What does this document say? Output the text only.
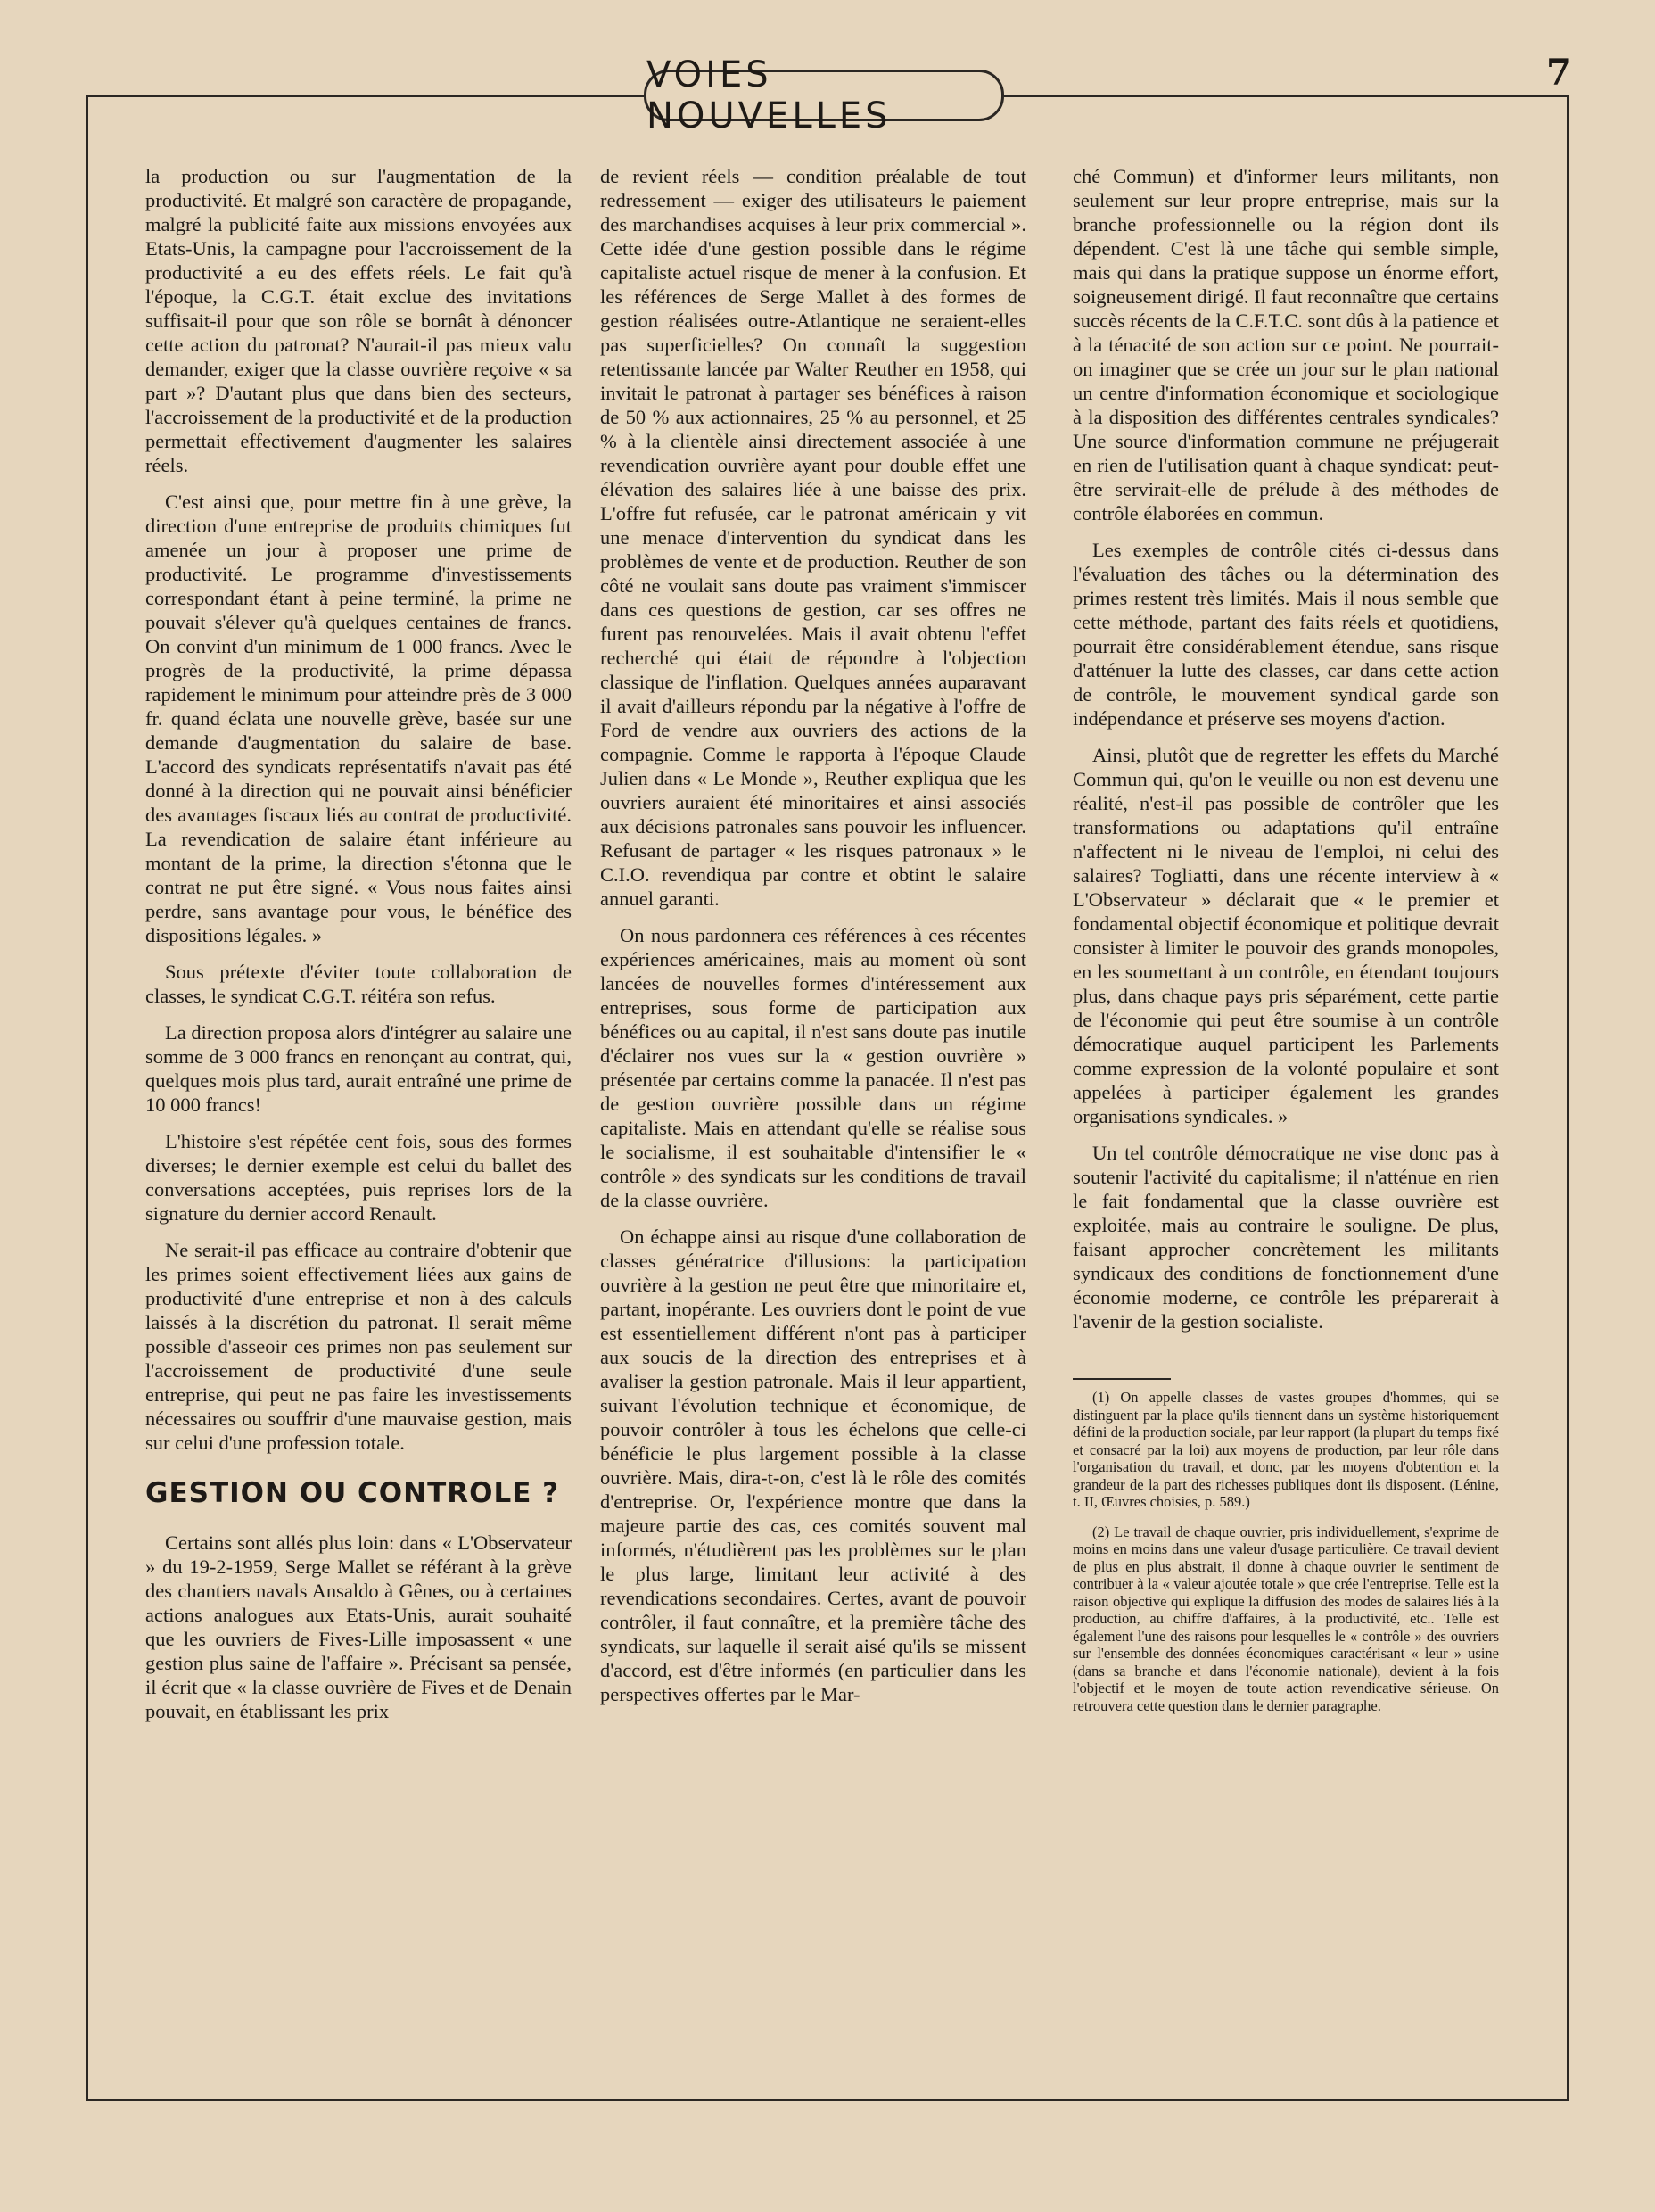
VOIES NOUVELLES
7

la production ou sur l'augmentation de la productivité. Et malgré son caractère de propagande, malgré la publicité faite aux missions envoyées aux Etats-Unis, la campagne pour l'accroissement de la productivité a eu des effets réels. Le fait qu'à l'époque, la C.G.T. était exclue des invitations suffisait-il pour que son rôle se bornât à dénoncer cette action du patronat? N'aurait-il pas mieux valu demander, exiger que la classe ouvrière reçoive « sa part »? D'autant plus que dans bien des secteurs, l'accroissement de la productivité et de la production permettait effectivement d'augmenter les salaires réels.

C'est ainsi que, pour mettre fin à une grève, la direction d'une entreprise de produits chimiques fut amenée un jour à proposer une prime de productivité. Le programme d'investissements correspondant étant à peine terminé, la prime ne pouvait s'élever qu'à quelques centaines de francs. On convint d'un minimum de 1 000 francs. Avec le progrès de la productivité, la prime dépassa rapidement le minimum pour atteindre près de 3 000 fr. quand éclata une nouvelle grève, basée sur une demande d'augmentation du salaire de base. L'accord des syndicats représentatifs n'avait pas été donné à la direction qui ne pouvait ainsi bénéficier des avantages fiscaux liés au contrat de productivité. La revendication de salaire étant inférieure au montant de la prime, la direction s'étonna que le contrat ne put être signé. « Vous nous faites ainsi perdre, sans avantage pour vous, le bénéfice des dispositions légales. »

Sous prétexte d'éviter toute collaboration de classes, le syndicat C.G.T. réitéra son refus.

La direction proposa alors d'intégrer au salaire une somme de 3 000 francs en renonçant au contrat, qui, quelques mois plus tard, aurait entraîné une prime de 10 000 francs!

L'histoire s'est répétée cent fois, sous des formes diverses; le dernier exemple est celui du ballet des conversations acceptées, puis reprises lors de la signature du dernier accord Renault.

Ne serait-il pas efficace au contraire d'obtenir que les primes soient effectivement liées aux gains de productivité d'une entreprise et non à des calculs laissés à la discrétion du patronat. Il serait même possible d'asseoir ces primes non pas seulement sur l'accroissement de productivité d'une seule entreprise, qui peut ne pas faire les investissements nécessaires ou souffrir d'une mauvaise gestion, mais sur celui d'une profession totale.

GESTION OU CONTROLE ?

Certains sont allés plus loin: dans « L'Observateur » du 19-2-1959, Serge Mallet se référant à la grève des chantiers navals Ansaldo à Gênes, ou à certaines actions analogues aux Etats-Unis, aurait souhaité que les ouvriers de Fives-Lille imposassent « une gestion plus saine de l'affaire ». Précisant sa pensée, il écrit que « la classe ouvrière de Fives et de Denain pouvait, en établissant les prix

de revient réels — condition préalable de tout redressement — exiger des utilisateurs le paiement des marchandises acquises à leur prix commercial ». Cette idée d'une gestion possible dans le régime capitaliste actuel risque de mener à la confusion. Et les références de Serge Mallet à des formes de gestion réalisées outre-Atlantique ne seraient-elles pas superficielles? On connaît la suggestion retentissante lancée par Walter Reuther en 1958, qui invitait le patronat à partager ses bénéfices à raison de 50 % aux actionnaires, 25 % au personnel, et 25 % à la clientèle ainsi directement associée à une revendication ouvrière ayant pour double effet une élévation des salaires liée à une baisse des prix. L'offre fut refusée, car le patronat américain y vit une menace d'intervention du syndicat dans les problèmes de vente et de production. Reuther de son côté ne voulait sans doute pas vraiment s'immiscer dans ces questions de gestion, car ses offres ne furent pas renouvelées. Mais il avait obtenu l'effet recherché qui était de répondre à l'objection classique de l'inflation. Quelques années auparavant il avait d'ailleurs répondu par la négative à l'offre de Ford de vendre aux ouvriers des actions de la compagnie. Comme le rapporta à l'époque Claude Julien dans « Le Monde », Reuther expliqua que les ouvriers auraient été minoritaires et ainsi associés aux décisions patronales sans pouvoir les influencer. Refusant de partager « les risques patronaux » le C.I.O. revendiqua par contre et obtint le salaire annuel garanti.

On nous pardonnera ces références à ces récentes expériences américaines, mais au moment où sont lancées de nouvelles formes d'intéressement aux entreprises, sous forme de participation aux bénéfices ou au capital, il n'est sans doute pas inutile d'éclairer nos vues sur la « gestion ouvrière » présentée par certains comme la panacée. Il n'est pas de gestion ouvrière possible dans un régime capitaliste. Mais en attendant qu'elle se réalise sous le socialisme, il est souhaitable d'intensifier le « contrôle » des syndicats sur les conditions de travail de la classe ouvrière.

On échappe ainsi au risque d'une collaboration de classes génératrice d'illusions: la participation ouvrière à la gestion ne peut être que minoritaire et, partant, inopérante. Les ouvriers dont le point de vue est essentiellement différent n'ont pas à participer aux soucis de la direction des entreprises et à avaliser la gestion patronale. Mais il leur appartient, suivant l'évolution technique et économique, de pouvoir contrôler à tous les échelons que celle-ci bénéficie le plus largement possible à la classe ouvrière. Mais, dira-t-on, c'est là le rôle des comités d'entreprise. Or, l'expérience montre que dans la majeure partie des cas, ces comités souvent mal informés, n'étudièrent pas les problèmes sur le plan le plus large, limitant leur activité à des revendications secondaires. Certes, avant de pouvoir contrôler, il faut connaître, et la première tâche des syndicats, sur laquelle il serait aisé qu'ils se missent d'accord, est d'être informés (en particulier dans les perspectives offertes par le Mar-

ché Commun) et d'informer leurs militants, non seulement sur leur propre entreprise, mais sur la branche professionnelle ou la région dont ils dépendent. C'est là une tâche qui semble simple, mais qui dans la pratique suppose un énorme effort, soigneusement dirigé. Il faut reconnaître que certains succès récents de la C.F.T.C. sont dûs à la patience et à la ténacité de son action sur ce point. Ne pourrait-on imaginer que se crée un jour sur le plan national un centre d'information économique et sociologique à la disposition des différentes centrales syndicales? Une source d'information commune ne préjugerait en rien de l'utilisation quant à chaque syndicat: peut-être servirait-elle de prélude à des méthodes de contrôle élaborées en commun.

Les exemples de contrôle cités ci-dessus dans l'évaluation des tâches ou la détermination des primes restent très limités. Mais il nous semble que cette méthode, partant des faits réels et quotidiens, pourrait être considérablement étendue, sans risque d'atténuer la lutte des classes, car dans cette action de contrôle, le mouvement syndical garde son indépendance et préserve ses moyens d'action.

Ainsi, plutôt que de regretter les effets du Marché Commun qui, qu'on le veuille ou non est devenu une réalité, n'est-il pas possible de contrôler que les transformations ou adaptations qu'il entraîne n'affectent ni le niveau de l'emploi, ni celui des salaires? Togliatti, dans une récente interview à « L'Observateur » déclarait que « le premier et fondamental objectif économique et politique devrait consister à limiter le pouvoir des grands monopoles, en les soumettant à un contrôle, en étendant toujours plus, dans chaque pays pris séparément, cette partie de l'économie qui peut être soumise à un contrôle démocratique auquel participent les Parlements comme expression de la volonté populaire et sont appelées à participer également les grandes organisations syndicales. »

Un tel contrôle démocratique ne vise donc pas à soutenir l'activité du capitalisme; il n'atténue en rien le fait fondamental que la classe ouvrière est exploitée, mais au contraire le souligne. De plus, faisant approcher concrètement les militants syndicaux des conditions de fonctionnement d'une économie moderne, ce contrôle les préparerait à l'avenir de la gestion socialiste.

(1) On appelle classes de vastes groupes d'hommes, qui se distinguent par la place qu'ils tiennent dans un système historiquement défini de la production sociale, par leur rapport (la plupart du temps fixé et consacré par la loi) aux moyens de production, par leur rôle dans l'organisation du travail, et donc, par les moyens d'obtention et la grandeur de la part des richesses publiques dont ils disposent. (Lénine, t. II, Œuvres choisies, p. 589.)

(2) Le travail de chaque ouvrier, pris individuellement, s'exprime de moins en moins dans une valeur d'usage particulière. Ce travail devient de plus en plus abstrait, il donne à chaque ouvrier le sentiment de contribuer à la « valeur ajoutée totale » que crée l'entreprise. Telle est la raison objective qui explique la diffusion des modes de salaires liés à la production, au chiffre d'affaires, à la productivité, etc.. Telle est également l'une des raisons pour lesquelles le « contrôle » des ouvriers sur l'ensemble des données économiques caractérisant « leur » usine (dans sa branche et dans l'économie nationale), devient à la fois l'objectif et le moyen de toute action revendicative sérieuse. On retrouvera cette question dans le dernier paragraphe.
